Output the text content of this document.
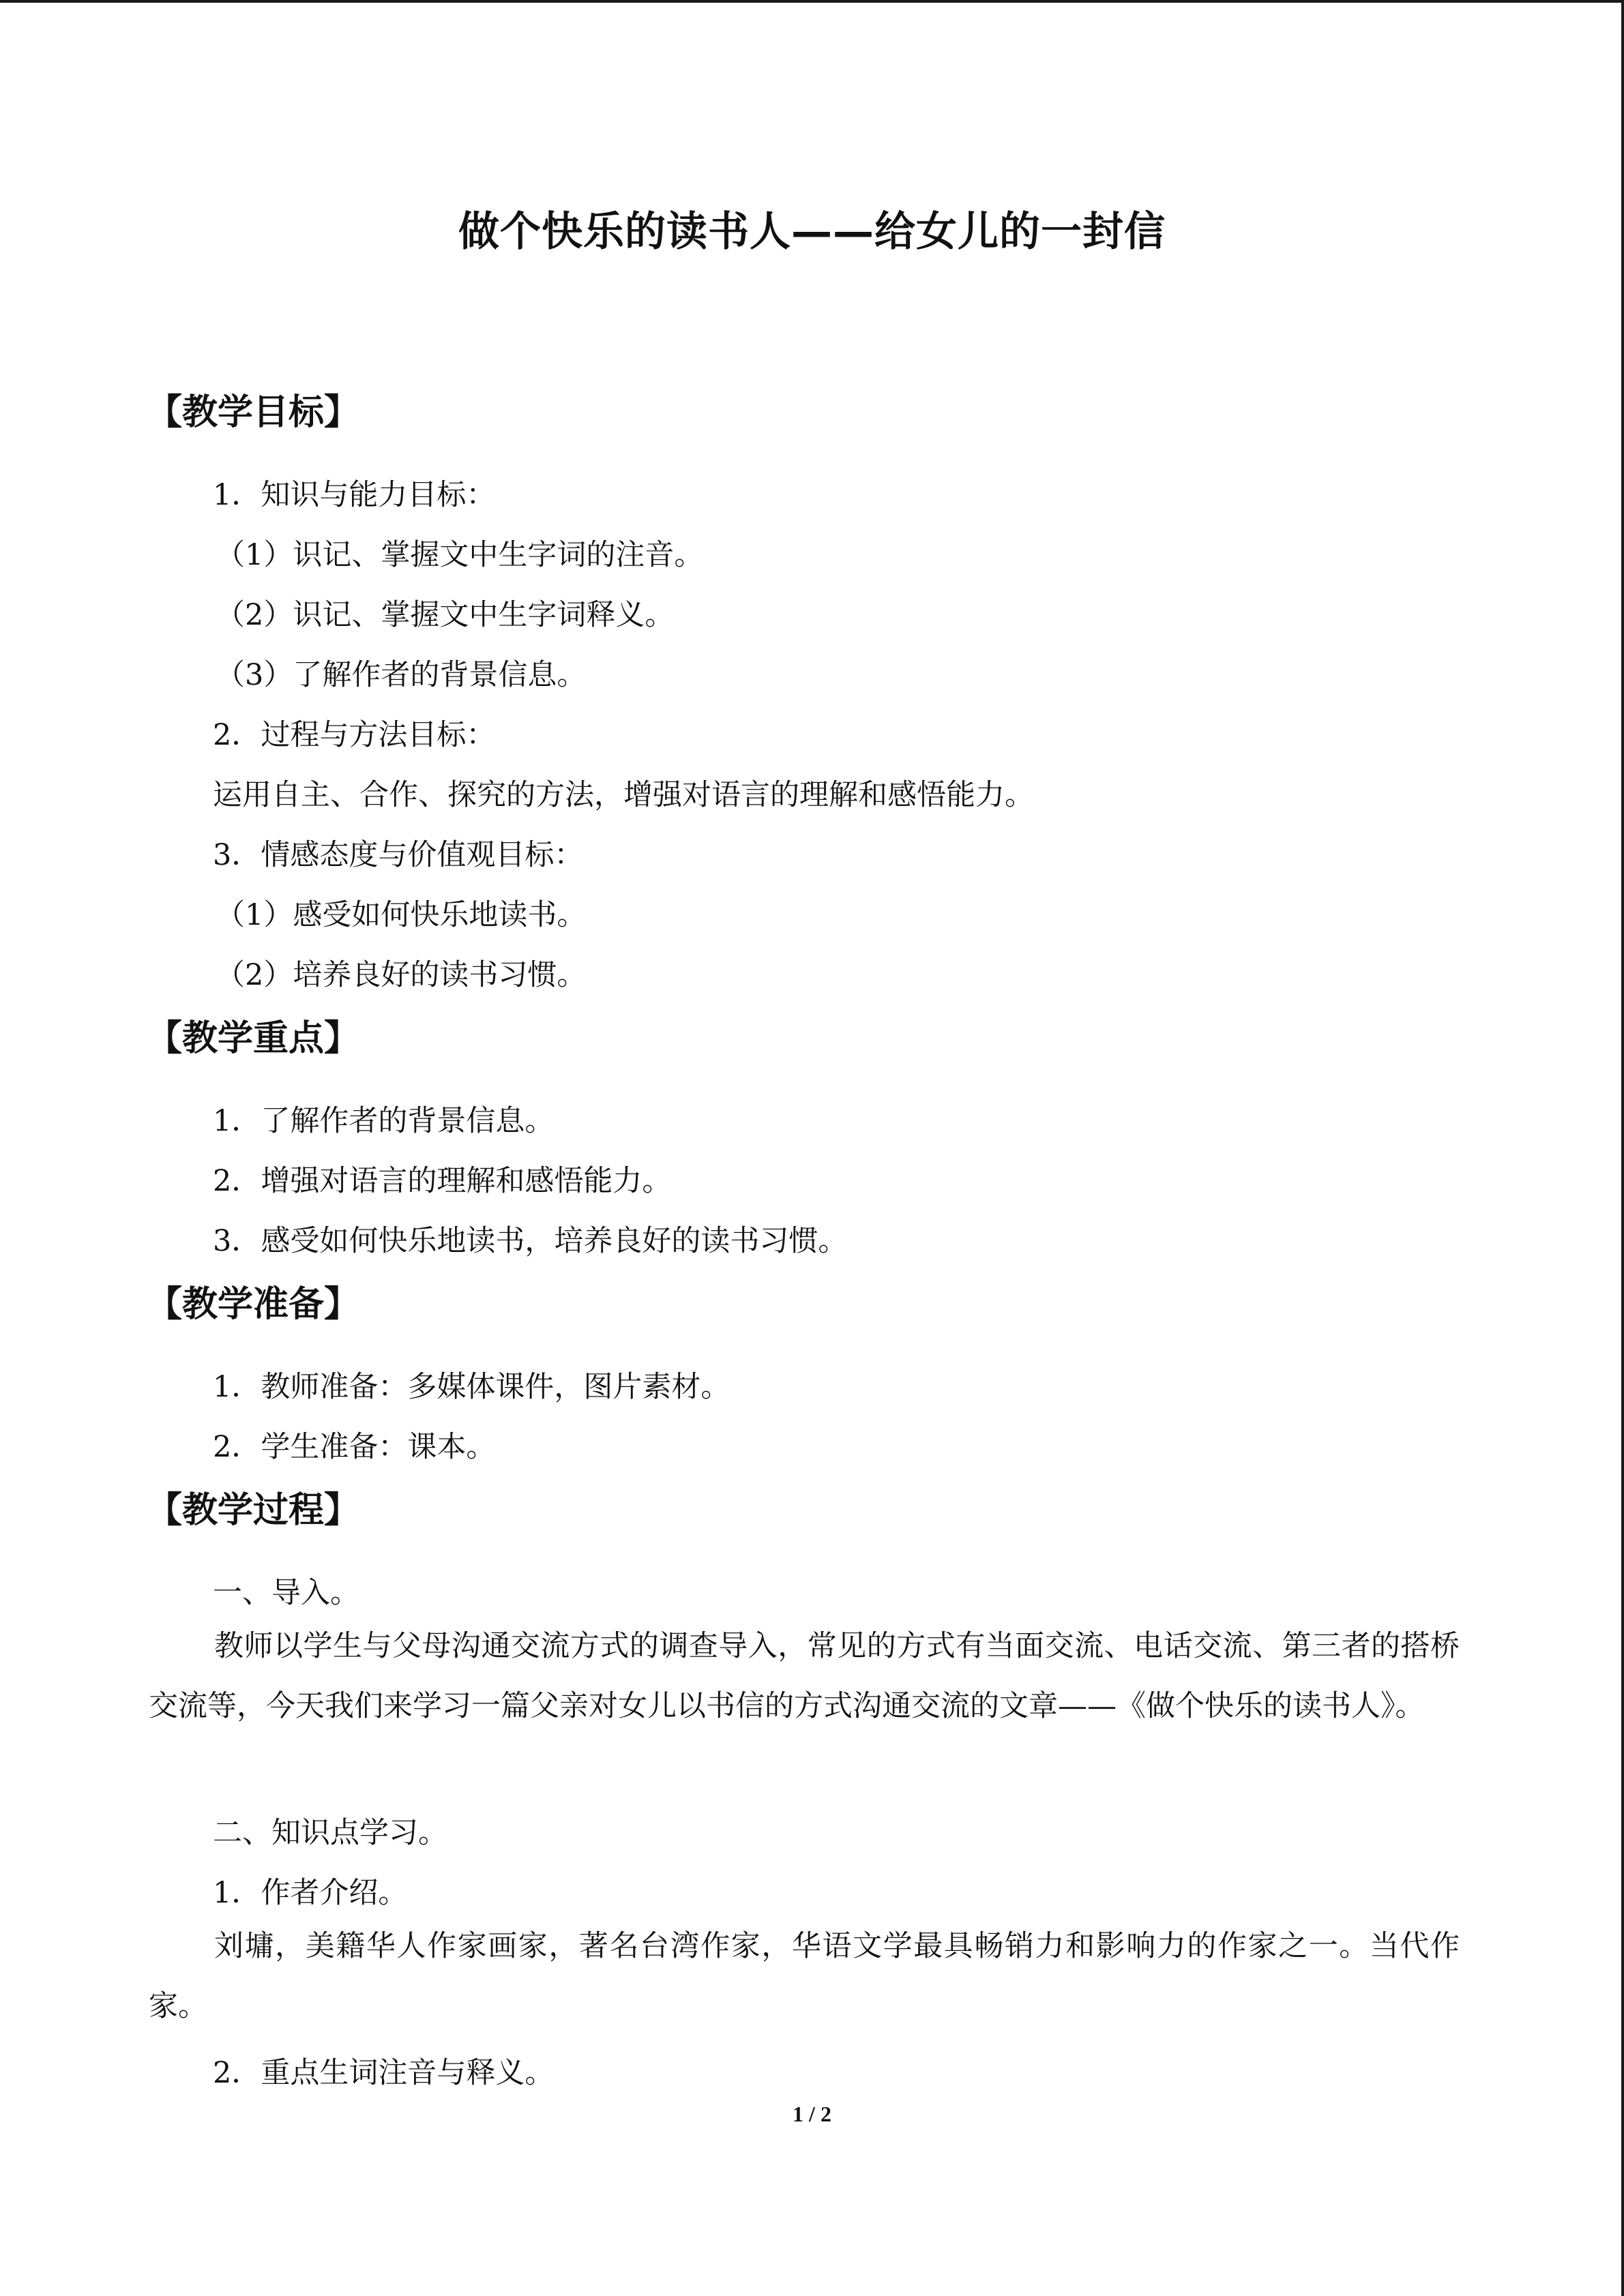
做个快乐的读书人——给女儿的一封信
【教学目标】
1．知识与能力目标：
（1）识记、掌握文中生字词的注音。
（2）识记、掌握文中生字词释义。
（3）了解作者的背景信息。
2．过程与方法目标：
运用自主、合作、探究的方法，增强对语言的理解和感悟能力。
3．情感态度与价值观目标：
（1）感受如何快乐地读书。
（2）培养良好的读书习惯。
【教学重点】
1．了解作者的背景信息。
2．增强对语言的理解和感悟能力。
3．感受如何快乐地读书，培养良好的读书习惯。
【教学准备】
1．教师准备：多媒体课件，图片素材。
2．学生准备：课本。
【教学过程】
一、导入。
教师以学生与父母沟通交流方式的调查导入，常见的方式有当面交流、电话交流、第三者的搭桥交流等，今天我们来学习一篇父亲对女儿以书信的方式沟通交流的文章——《做个快乐的读书人》。
二、知识点学习。
1．作者介绍。
刘墉，美籍华人作家画家，著名台湾作家，华语文学最具畅销力和影响力的作家之一。当代作家。
2．重点生词注音与释义。
1 / 2
